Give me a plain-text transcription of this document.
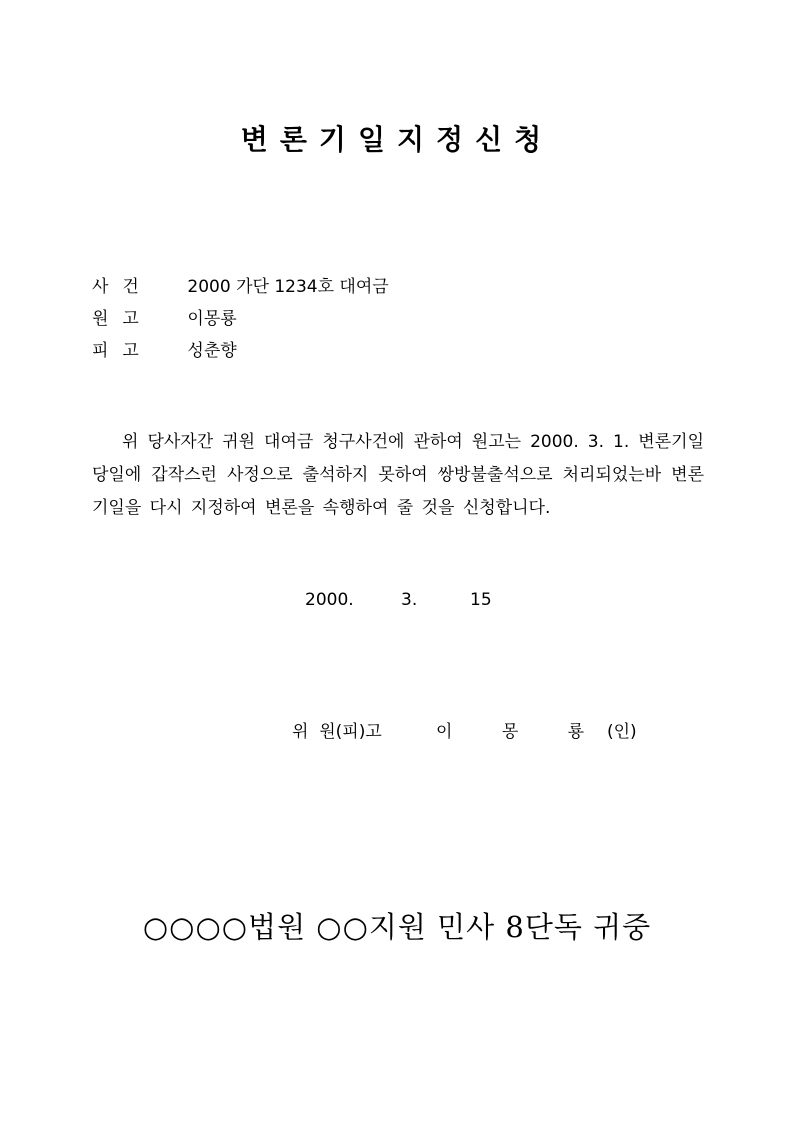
변론기일지정신청
사건 2000 가단 1234호 대여금
원고 이몽룡
피고 성춘향
위 당사자간 귀원 대여금 청구사건에 관하여 원고는 2000. 3. 1. 변론기일 당일에 갑작스런 사정으로 출석하지 못하여 쌍방불출석으로 처리되었는바 변론기일을 다시 지정하여 변론을 속행하여 줄 것을 신청합니다.
2000.	3.	15
위  원(피)고	이 몽 룡 (인)
○○○○법원 ○○지원 민사 8단독 귀중
